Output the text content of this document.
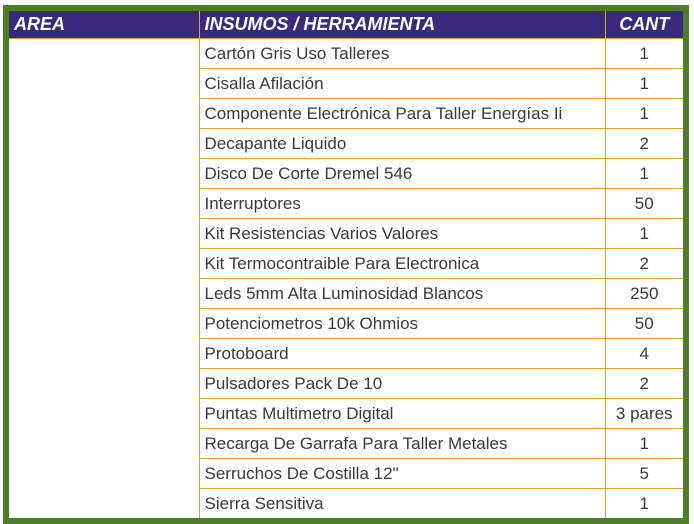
AREA	INSUMOS / HERRAMIENTA	CANT
	Cartón Gris Uso Talleres	1
	Cisalla Afilación	1
	Componente Electrónica Para Taller Energías Ii	1
	Decapante Liquido	2
	Disco De Corte Dremel 546	1
	Interruptores	50
	Kit Resistencias Varios Valores	1
	Kit Termocontraible Para Electronica	2
	Leds 5mm Alta Luminosidad Blancos	250
	Potenciometros 10k Ohmios	50
	Protoboard	4
	Pulsadores Pack De 10	2
	Puntas Multimetro Digital	3 pares
	Recarga De Garrafa Para Taller Metales	1
	Serruchos De Costilla 12"	5
	Sierra Sensitiva	1
